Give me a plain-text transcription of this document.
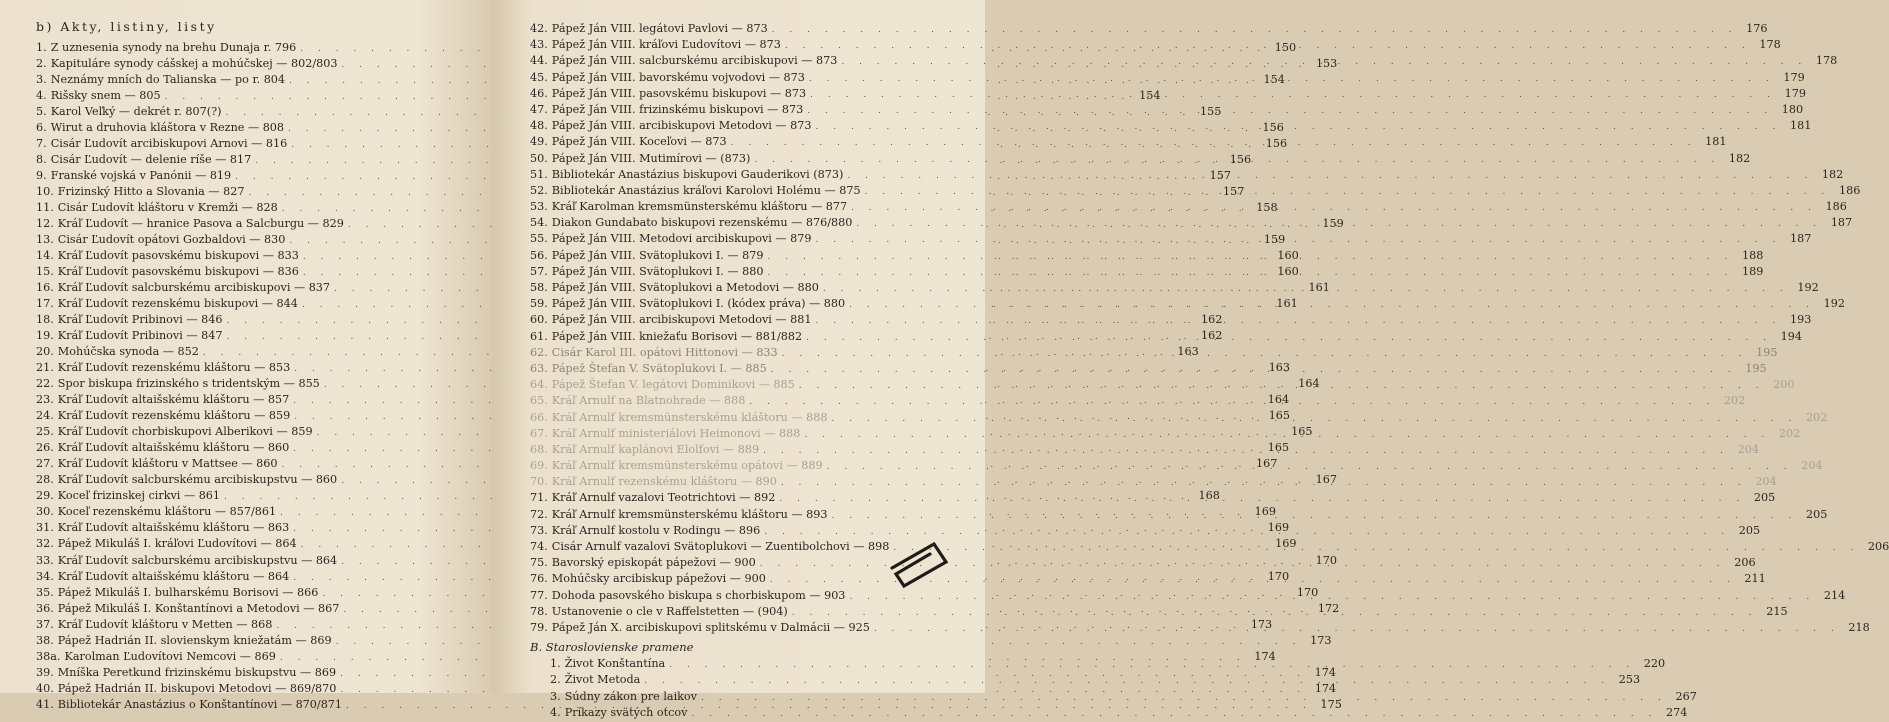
b) Akty, listiny, listy
1. Z uznesenia synody na brehu Dunaja r. 796 . . .	150
2. Kapituláre synody cášskej a mohúčskej — 802/803 . . .	153
3. Neznámy mních do Talianska — po r. 804 . . .	154
4. Rišsky snem — 805 . . .	154
5. Karol Veľký — dekrét r. 807(?) . . .	155
6. Wirut a druhovia kláštora v Rezne — 808 . . .	156
7. Cisár Ľudovít arcibiskupovi Arnovi — 816 . . .	156
8. Cisár Ľudovít — delenie ríše — 817 . . .	156
9. Franské vojská v Panónii — 819 . . .	157
10. Frizinský Hitto a Slovania — 827 . . .	157
11. Cisár Ľudovít kláštoru v Kremži — 828 . . .	158
12. Kráľ Ľudovít — hranice Pasova a Salcburgu — 829 . . .	159
13. Cisár Ľudovít opátovi Gozbaldovi — 830 . . .	159
14. Kráľ Ľudovít pasovskému biskupovi — 833 . . .	160
15. Kráľ Ľudovít pasovskému biskupovi — 836 . . .	160
16. Kráľ Ľudovít salcburskému arcibiskupovi — 837 . . .	161
17. Kráľ Ľudovít rezenskému biskupovi — 844 . . .	161
18. Kráľ Ľudovít Pribinovi — 846 . . .	162
19. Kráľ Ľudovít Pribinovi — 847 . . .	162
20. Mohúčska synoda — 852 . . .	163
21. Kráľ Ľudovít rezenskému kláštoru — 853 . . .	163
22. Spor biskupa frizinského s tridentským — 855 . . .	164
23. Kráľ Ľudovít altaišskému kláštoru — 857 . . .	164
24. Kráľ Ľudovít rezenskému kláštoru — 859 . . .	165
25. Kráľ Ľudovít chorbiskupovi Alberikovi — 859 . . .	165
26. Kráľ Ľudovít altaišskému kláštoru — 860 . . .	165
27. Kráľ Ľudovít kláštoru v Mattsee — 860 . . .	167
28. Kráľ Ľudovít salcburskému arcibiskupstvu — 860 . . .	167
29. Koceľ frizinskej cirkvi — 861 . . .	168
30. Koceľ rezenskému kláštoru — 857/861 . . .	169
31. Kráľ Ľudovít altaišskému kláštoru — 863 . . .	169
32. Pápež Mikuláš I. kráľovi Ľudovítovi — 864 . . .	169
33. Kráľ Ľudovít salcburskému arcibiskupstvu — 864 . . .	170
34. Kráľ Ľudovít altaišskému kláštoru — 864 . . .	170
35. Pápež Mikuláš I. bulharskému Borisovi — 866 . . .	170
36. Pápež Mikuláš I. Konštantínovi a Metodovi — 867 . . .	172
37. Kráľ Ľudovít kláštoru v Metten — 868 . . .	173
38. Pápež Hadrián II. slovienskym kniežatám — 869 . . .	173
38a. Karolman Ľudovítovi Nemcovi — 869 . . .	174
39. Mníška Peretkund frizinskému biskupstvu — 869 . . .	174
40. Pápež Hadrián II. biskupovi Metodovi — 869/870 . . .	174
41. Bibliotekár Anastázius o Konštantínovi — 870/871 . . .	175
42. Pápež Ján VIII. legátovi Pavlovi — 873 . . .	176
43. Pápež Ján VIII. kráľovi Ľudovítovi — 873 . . .	178
44. Pápež Ján VIII. salcburskému arcibiskupovi — 873 . . .	178
45. Pápež Ján VIII. bavorskému vojvodovi — 873 . . .	179
46. Pápež Ján VIII. pasovskému biskupovi — 873 . . .	179
47. Pápež Ján VIII. frizinskému biskupovi — 873 . . .	180
48. Pápež Ján VIII. arcibiskupovi Metodovi — 873 . . .	181
49. Pápež Ján VIII. Koceľovi — 873 . . .	181
50. Pápež Ján VIII. Mutimírovi — (873) . . .	182
51. Bibliotekár Anastázius biskupovi Gauderikovi (873) . . .	182
52. Bibliotekár Anastázius kráľovi Karolovi Holému — 875 . . .	186
53. Kráľ Karolman kremsmünsterskému kláštoru — 877 . . .	186
54. Diakon Gundabato biskupovi rezenskému — 876/880 . . .	187
55. Pápež Ján VIII. Metodovi arcibiskupovi — 879 . . .	187
56. Pápež Ján VIII. Svätoplukovi I. — 879 . . .	188
57. Pápež Ján VIII. Svätoplukovi I. — 880 . . .	189
58. Pápež Ján VIII. Svätoplukovi a Metodovi — 880 . . .	192
59. Pápež Ján VIII. Svätoplukovi I. (kódex práva) — 880 . . .	192
60. Pápež Ján VIII. arcibiskupovi Metodovi — 881 . . .	193
61. Pápež Ján VIII. kniežaťu Borisovi — 881/882 . . .	194
62. Cisár Karol III. opátovi Hittonovi — 833 . . .	195
63. Pápež Štefan V. Svätoplukovi I. — 885 . . .	195
64. Pápež Štefan V. legátovi Dominikovi — 885 . . .	200
65. Kráľ Arnulf na Blatnohrade — 888 . . .	202
66. Kráľ Arnulf kremsmünsterskému kláštoru — 888 . . .	202
67. Kráľ Arnulf ministeriálovi Heimonovi — 888 . . .	202
68. Kráľ Arnulf kaplánovi Elolfovi — 889 . . .	204
69. Kráľ Arnulf kremsmünsterskému opátovi — 889 . . .	204
70. Kráľ Arnulf rezenskému kláštoru — 890 . . .	204
71. Kráľ Arnulf vazalovi Teotrichtovi — 892 . . .	205
72. Kráľ Arnulf kremsmünsterskému kláštoru — 893 . . .	205
73. Kráľ Arnulf kostolu v Rodingu — 896 . . .	205
74. Cisár Arnulf vazalovi Svätoplukovi — Zuentibolchovi — 898 . . .	206
75. Bavorský episkopát pápežovi — 900 . . .	206
76. Mohúčsky arcibiskup pápežovi — 900 . . .	211
77. Dohoda pasovského biskupa s chorbiskupom — 903 . . .	214
78. Ustanovenie o cle v Raffelstetten — (904) . . .	215
79. Pápež Ján X. arcibiskupovi splitskému v Dalmácii — 925 . . .	218
B. Staroslovienske pramene
1. Život Konštantína . . .	220
2. Život Metoda . . .	253
3. Súdny zákon pre laikov . . .	267
4. Príkazy svätých otcov . . .	274
